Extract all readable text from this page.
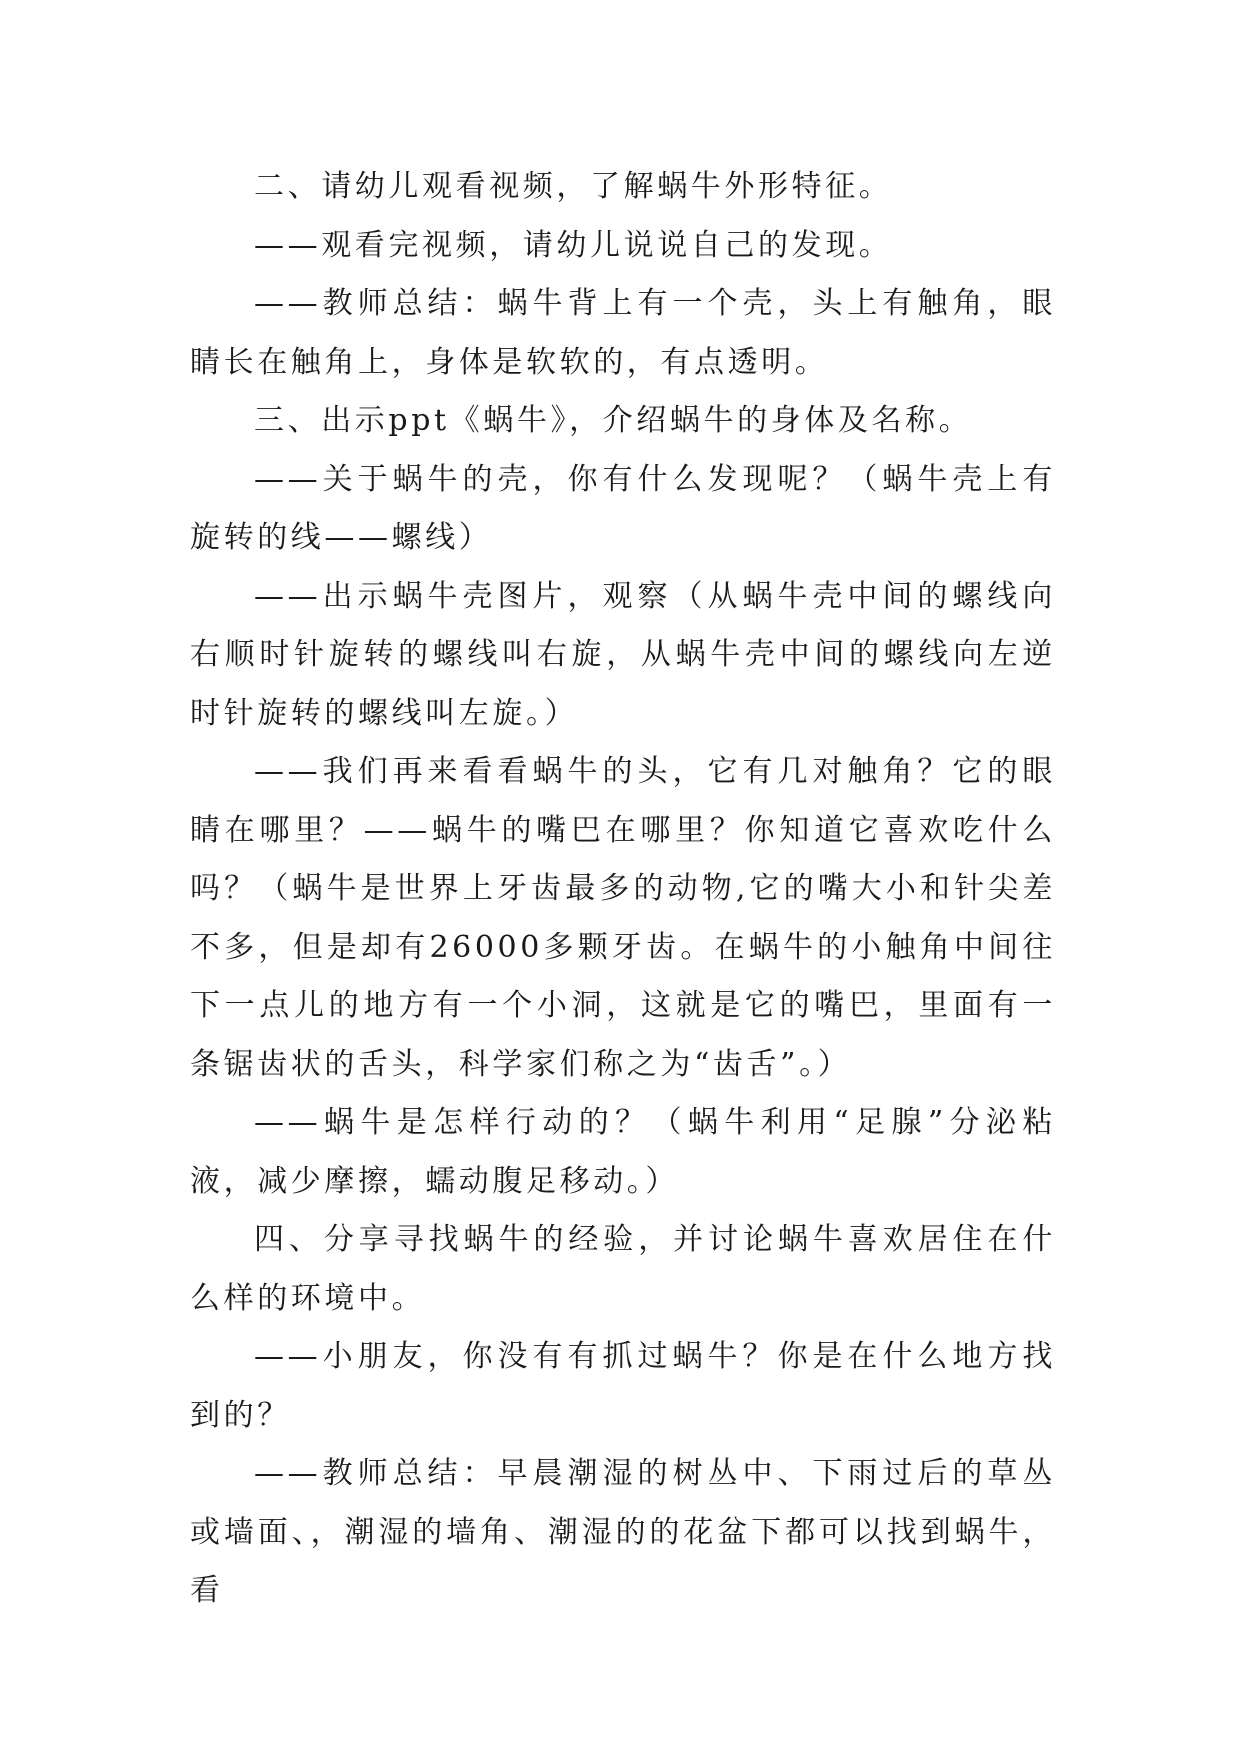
二、请幼儿观看视频，了解蜗牛外形特征。

——观看完视频，请幼儿说说自己的发现。

——教师总结：蜗牛背上有一个壳，头上有触角，眼睛长在触角上，身体是软软的，有点透明。

三、出示ppt《蜗牛》，介绍蜗牛的身体及名称。

——关于蜗牛的壳，你有什么发现呢？（蜗牛壳上有旋转的线——螺线）

——出示蜗牛壳图片，观察（从蜗牛壳中间的螺线向右顺时针旋转的螺线叫右旋，从蜗牛壳中间的螺线向左逆时针旋转的螺线叫左旋。）

——我们再来看看蜗牛的头，它有几对触角？它的眼睛在哪里？——蜗牛的嘴巴在哪里？你知道它喜欢吃什么吗？（蜗牛是世界上牙齿最多的动物,它的嘴大小和针尖差不多，但是却有26000多颗牙齿。在蜗牛的小触角中间往下一点儿的地方有一个小洞，这就是它的嘴巴，里面有一条锯齿状的舌头，科学家们称之为“齿舌”。）

——蜗牛是怎样行动的？（蜗牛利用“足腺”分泌粘液，减少摩擦，蠕动腹足移动。）

四、分享寻找蜗牛的经验，并讨论蜗牛喜欢居住在什么样的环境中。

——小朋友，你没有有抓过蜗牛？你是在什么地方找到的？

——教师总结：早晨潮湿的树丛中、下雨过后的草丛或墙面、，潮湿的墙角、潮湿的的花盆下都可以找到蜗牛，看
